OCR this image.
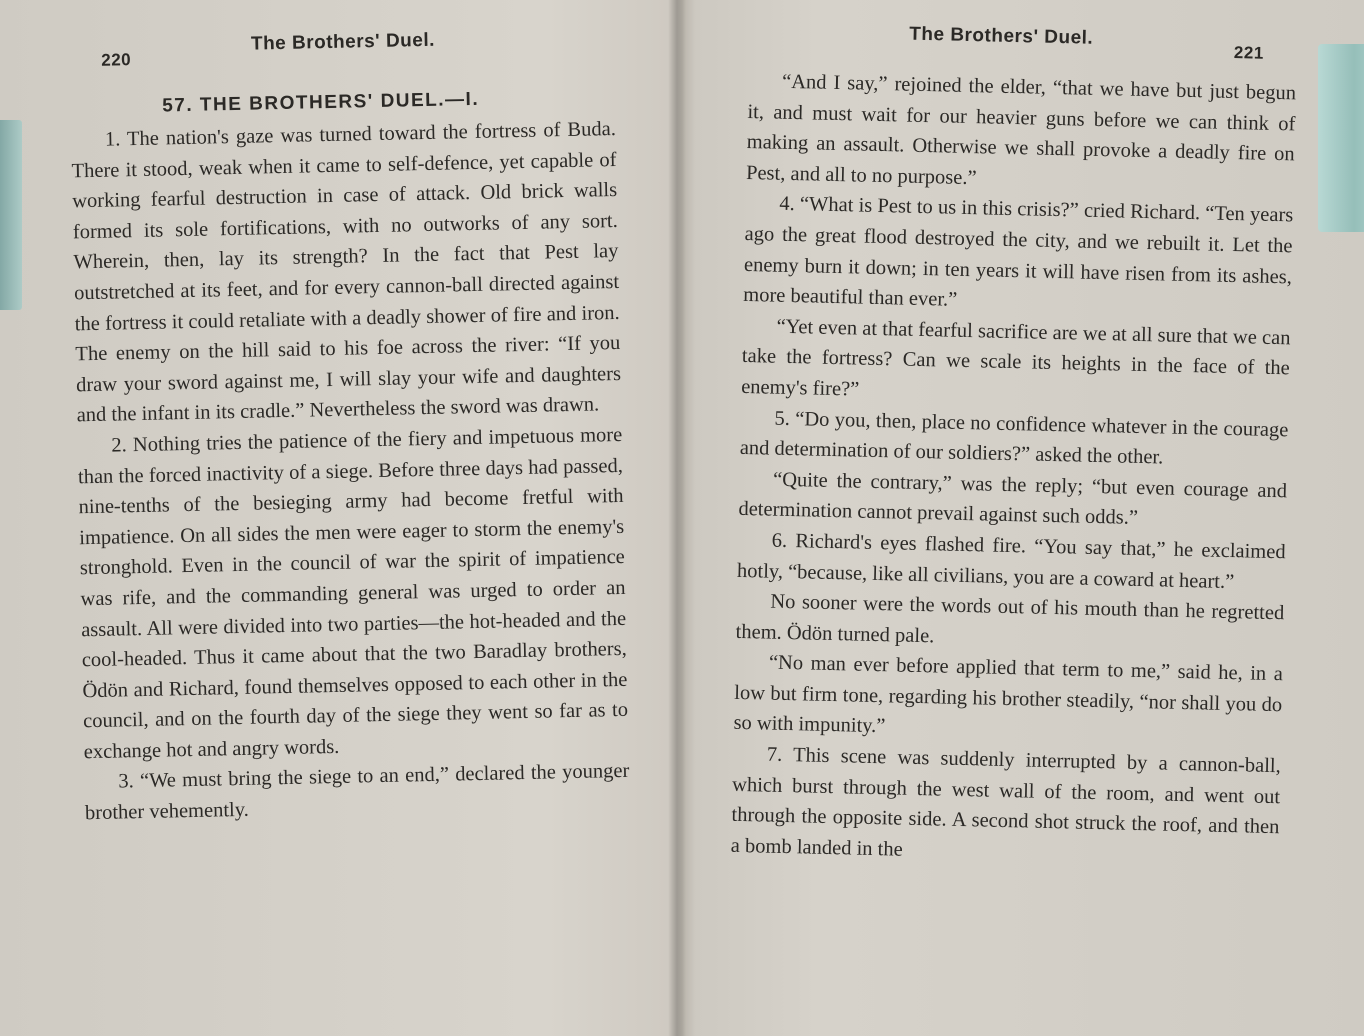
220
The Brothers' Duel.
57. THE BROTHERS' DUEL.—I.

1. The nation's gaze was turned toward the fortress of Buda. There it stood, weak when it came to self-defence, yet capable of working fearful destruction in case of attack. Old brick walls formed its sole fortifications, with no outworks of any sort. Wherein, then, lay its strength? In the fact that Pest lay outstretched at its feet, and for every cannon-ball directed against the fortress it could retaliate with a deadly shower of fire and iron. The enemy on the hill said to his foe across the river: “If you draw your sword against me, I will slay your wife and daughters and the infant in its cradle.” Nevertheless the sword was drawn.

2. Nothing tries the patience of the fiery and impetuous more than the forced inactivity of a siege. Before three days had passed, nine-tenths of the besieging army had become fretful with impatience. On all sides the men were eager to storm the enemy's stronghold. Even in the council of war the spirit of impatience was rife, and the commanding general was urged to order an assault. All were divided into two parties—the hot-headed and the cool-headed. Thus it came about that the two Baradlay brothers, Ödön and Richard, found themselves opposed to each other in the council, and on the fourth day of the siege they went so far as to exchange hot and angry words.

3. “We must bring the siege to an end,” declared the younger brother vehemently.

The Brothers' Duel.
221

“And I say,” rejoined the elder, “that we have but just begun it, and must wait for our heavier guns before we can think of making an assault. Otherwise we shall provoke a deadly fire on Pest, and all to no purpose.”

4. “What is Pest to us in this crisis?” cried Richard. “Ten years ago the great flood destroyed the city, and we rebuilt it. Let the enemy burn it down; in ten years it will have risen from its ashes, more beautiful than ever.”

“Yet even at that fearful sacrifice are we at all sure that we can take the fortress? Can we scale its heights in the face of the enemy's fire?”

5. “Do you, then, place no confidence whatever in the courage and determination of our soldiers?” asked the other.

“Quite the contrary,” was the reply; “but even courage and determination cannot prevail against such odds.”

6. Richard's eyes flashed fire. “You say that,” he exclaimed hotly, “because, like all civilians, you are a coward at heart.”

No sooner were the words out of his mouth than he regretted them. Ödön turned pale.

“No man ever before applied that term to me,” said he, in a low but firm tone, regarding his brother steadily, “nor shall you do so with impunity.”

7. This scene was suddenly interrupted by a cannon-ball, which burst through the west wall of the room, and went out through the opposite side. A second shot struck the roof, and then a bomb landed in the
